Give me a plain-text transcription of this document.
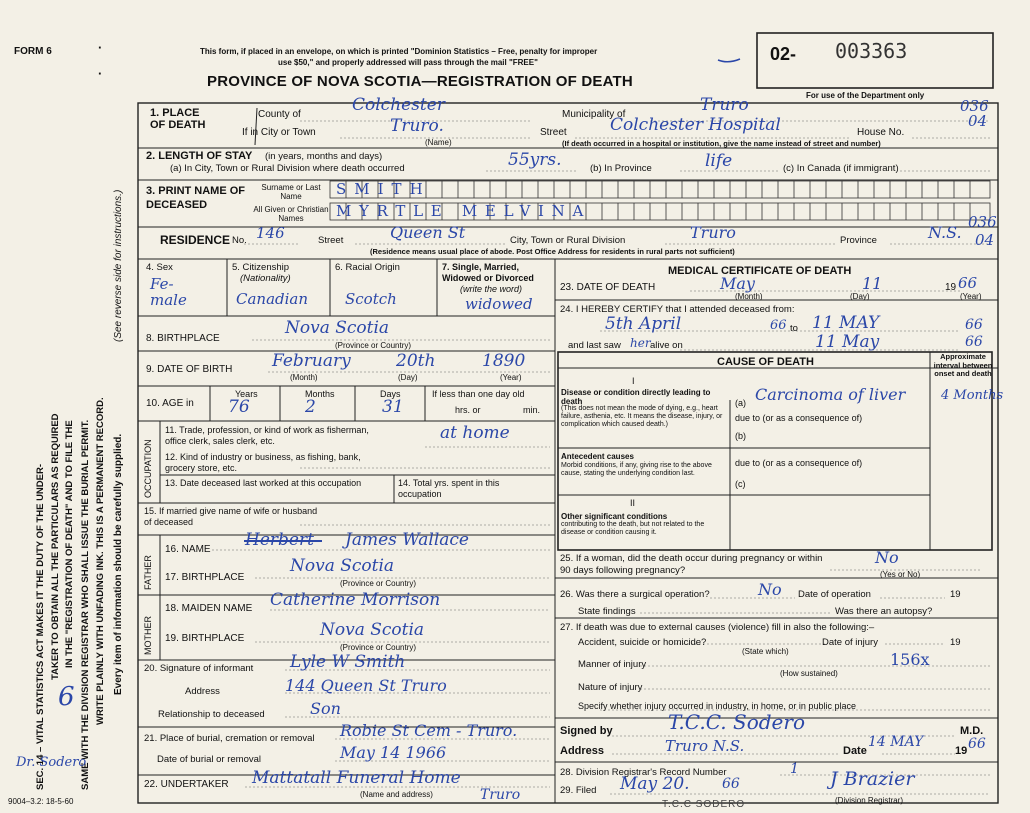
FORM 6	·
·
This form, if placed in an envelope, on which is printed "Dominion Statistics – Free, penalty for improper
use $50," and properly addressed will pass through the mail "FREE"
PROVINCE OF NOVA SCOTIA—REGISTRATION OF DEATH
02- 003363
For use of the Department only
036
04
SEC. 14 – VITAL STATISTICS ACT MAKES IT THE DUTY OF THE UNDER- TAKER TO OBTAIN ALL THE PARTICULARS AS REQUIRED IN THE "REGISTRATION OF DEATH" AND TO FILE THE SAME WITH THE DIVISION REGISTRAR WHO SHALL ISSUE THE BURIAL PERMIT. WRITE PLAINLY WITH UNFADING INK. THIS IS A PERMANENT RECORD. Every item of information should be carefully supplied.
(See reverse side for instructions.)
6
Dr. Sodero
9004–3.2: 18-5-60
1. PLACE OF DEATH
County of	Colchester	Municipality of	Truro
If in City or Town	Truro.
(Name)
Street	Colchester Hospital	House No.
(If death occurred in a hospital or institution, give the name instead of street and number)
2. LENGTH OF STAY (in years, months and days)
(a) In City, Town or Rural Division where death occurred	55yrs.	(b) In Province	life	(c) In Canada (if immigrant)
3. PRINT NAME OF DECEASED
Surname or Last Name
All Given or Christian Names
SMITH
MYRTLE MELVINA
RESIDENCE No. 146	Street	Queen St	City, Town or Rural Division	Truro	Province	N.S.
036
04
(Residence means usual place of abode. Post Office Address for residents in rural parts not sufficient)
4. Sex
Fe-male
5. Citizenship
(Nationality)
Canadian
6. Racial Origin
Scotch
7. Single, Married, Widowed or Divorced
(write the word)
widowed
8. BIRTHPLACE
Nova Scotia
(Province or Country)
9. DATE OF BIRTH February	20th	1890
(Month)	(Day)	(Year)
10. AGE in
Years
76
Months
2
Days
31
If less than one day old
hrs. or	min.
OCCUPATION
11. Trade, profession, or kind of work as fisherman, office clerk, sales clerk, etc.	at home
12. Kind of industry or business, as fishing, bank, grocery store, etc.
13. Date deceased last worked at this occupation	14. Total yrs. spent in this occupation
15. If married give name of wife or husband of deceased
FATHER
16. NAME Herbert James Wallace
17. BIRTHPLACE
Nova Scotia
(Province or Country)
MOTHER
18. MAIDEN NAME Catherine Morrison
19. BIRTHPLACE	Nova Scotia
(Province or Country)
20. Signature of informant Lyle W Smith
Address	144 Queen St Truro
Relationship to deceased	Son
21. Place of burial, cremation or removal Robie St Cem - Truro.
Date of burial or removal	May 14 1966
22. UNDERTAKER Mattatall Funeral Home
Truro
(Name and address)
MEDICAL CERTIFICATE OF DEATH
23. DATE OF DEATH	May	11	19 66
(Month)	(Day)	(Year)
24. I HEREBY CERTIFY that I attended deceased from:
5th April	66 to 11 MAY	66
and last saw her alive on	11 May	66
CAUSE OF DEATH	Approximate interval between onset and death
I
Disease or condition directly leading to death
(This does not mean the mode of dying, e.g., heart failure, asthenia, etc. It means the disease, injury, or complication which caused death.)
(a) Carcinoma of liver	4 Months
due to (or as a consequence of)
(b)
Antecedent causes
Morbid conditions, if any, giving rise to the above cause, stating the underlying condition last.
due to (or as a consequence of)
(c)
II
Other significant conditions
contributing to the death, but not related to the disease or condition causing it.
25. If a woman, did the death occur during pregnancy or within 90 days following pregnancy?
No
(Yes or No)
26. Was there a surgical operation?	No Date of operation	19
State findings	Was there an autopsy?
27. If death was due to external causes (violence) fill in also the following:–
Accident, suicide or homicide?
(State which)
Date of injury	19
Manner of injury	156x
(How sustained)
Nature of injury
Specify whether injury occurred in industry, in home, or in public place
Signed by	T.C.C. Sodero	M.D.
Address	Truro N.S.	Date
14 MAY
19 66
28. Division Registrar's Record Number	1
29. Filed May 20. 66	J Brazier
(Division Registrar)
T.C.C SODERO
